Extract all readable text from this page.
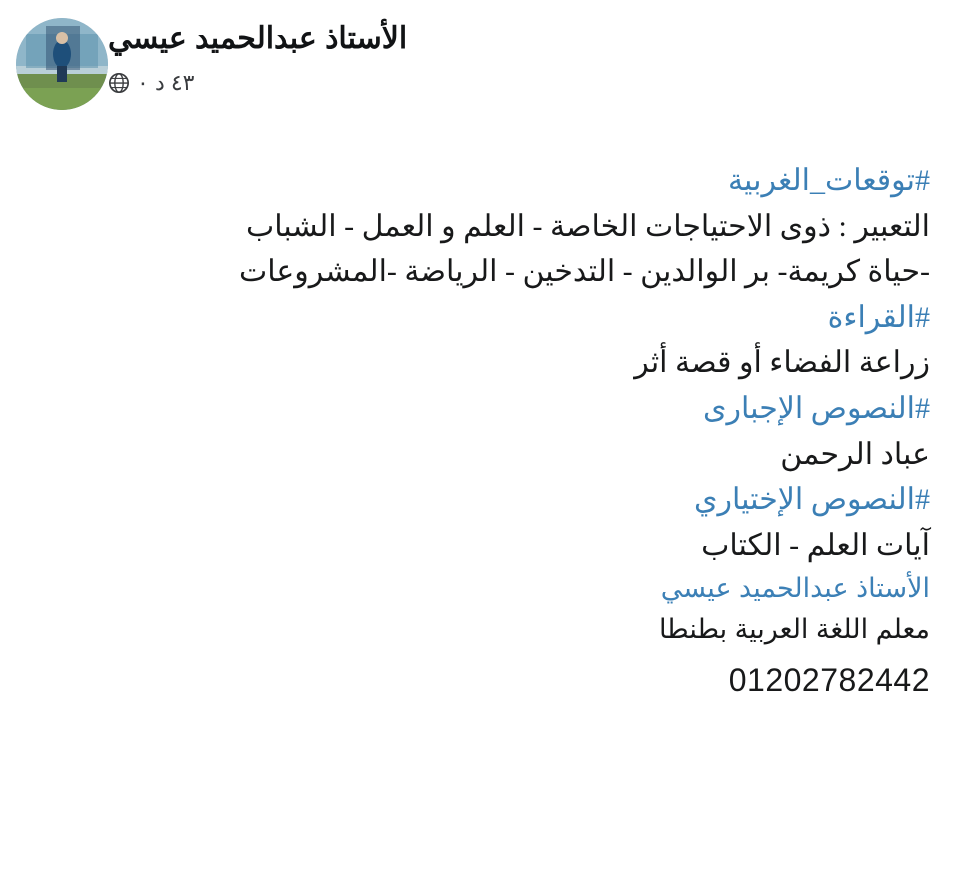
الأستاذ عبدالحميد عيسي
٤٣ د ٠
#توقعات_الغربية
التعبير : ذوى الاحتياجات الخاصة - العلم و العمل - الشباب
-حياة كريمة- بر الوالدين - التدخين - الرياضة -المشروعات
#القراءة
زراعة الفضاء أو قصة أثر
#النصوص الإجبارى
عباد الرحمن
#النصوص الإختياري
آيات العلم - الكتاب
الأستاذ عبدالحميد عيسي
معلم اللغة العربية بطنطا
01202782442
